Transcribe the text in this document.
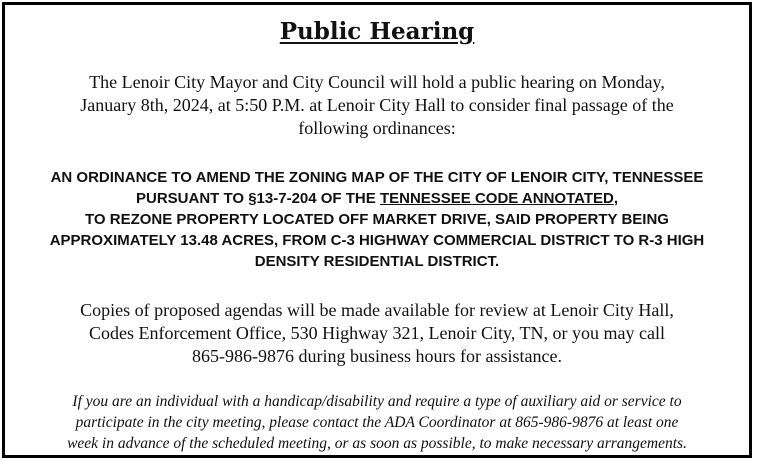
Public Hearing
The Lenoir City Mayor and City Council will hold a public hearing on Monday,
January 8th, 2024, at 5:50 P.M. at Lenoir City Hall to consider final passage of the
following ordinances:
AN ORDINANCE TO AMEND THE ZONING MAP OF THE CITY OF LENOIR CITY, TENNESSEE
PURSUANT TO §13-7-204 OF THE TENNESSEE CODE ANNOTATED,
TO REZONE PROPERTY LOCATED OFF MARKET DRIVE, SAID PROPERTY BEING
APPROXIMATELY 13.48 ACRES, FROM C-3 HIGHWAY COMMERCIAL DISTRICT TO R-3 HIGH
DENSITY RESIDENTIAL DISTRICT.
Copies of proposed agendas will be made available for review at Lenoir City Hall,
Codes Enforcement Office, 530 Highway 321, Lenoir City, TN, or you may call
865-986-9876 during business hours for assistance.
If you are an individual with a handicap/disability and require a type of auxiliary aid or service to
participate in the city meeting, please contact the ADA Coordinator at 865-986-9876 at least one
week in advance of the scheduled meeting, or as soon as possible, to make necessary arrangements.
